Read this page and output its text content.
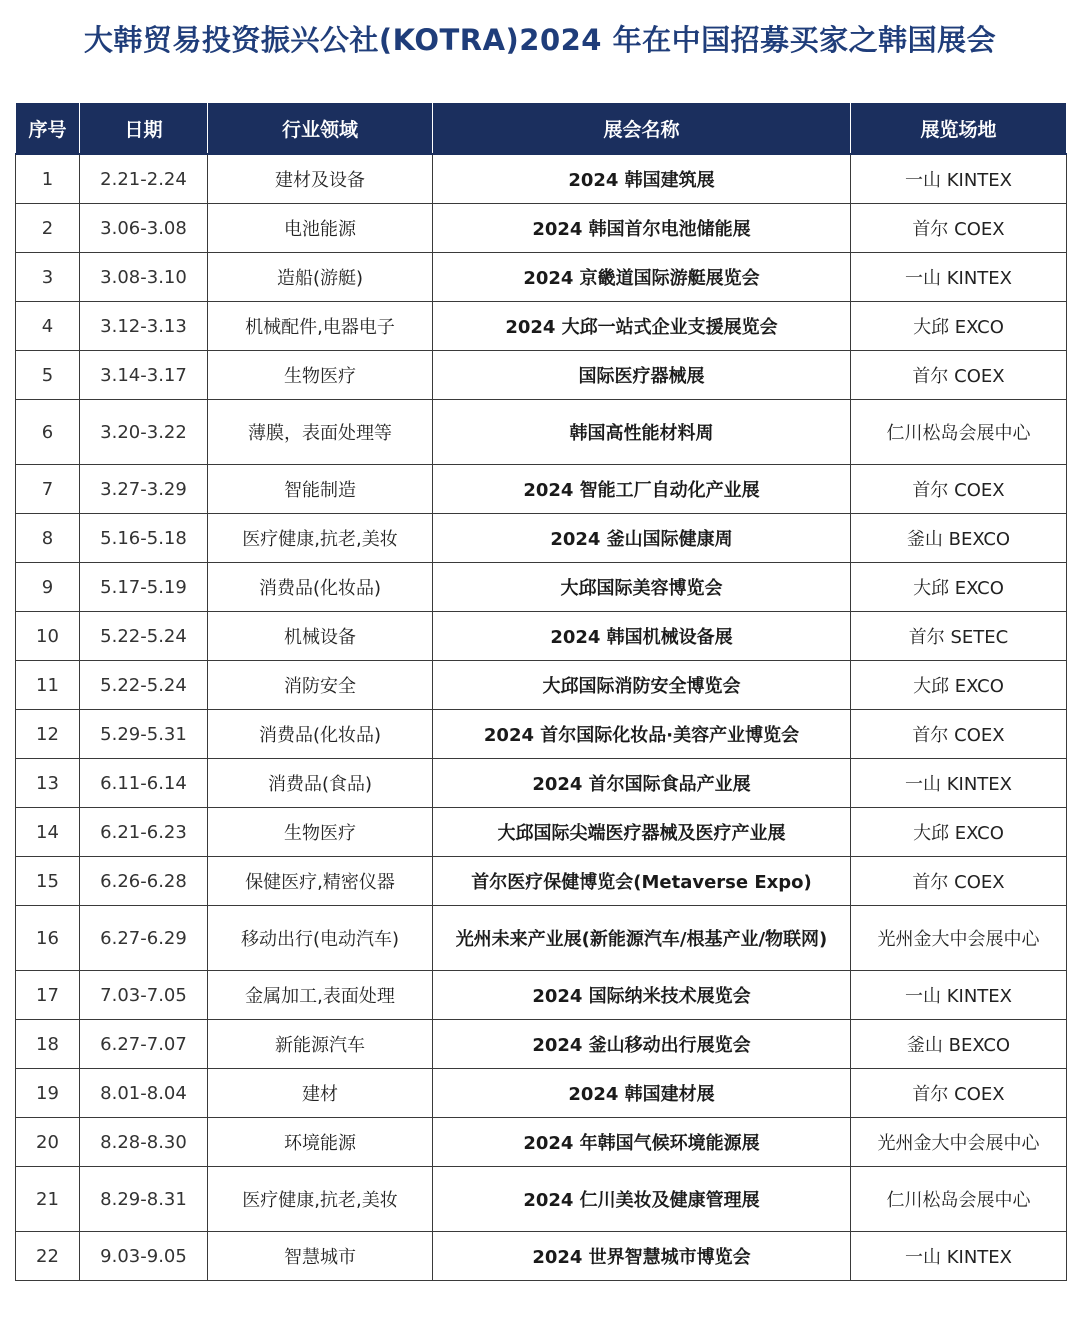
大韩贸易投资振兴公社(KOTRA)2024 年在中国招募买家之韩国展会
序号	日期	行业领域	展会名称	展览场地
1	2.21-2.24	建材及设备	2024 韩国建筑展	一山 KINTEX
2	3.06-3.08	电池能源	2024 韩国首尔电池储能展	首尔 COEX
3	3.08-3.10	造船(游艇)	2024 京畿道国际游艇展览会	一山 KINTEX
4	3.12-3.13	机械配件,电器电子	2024 大邱一站式企业支援展览会	大邱 EXCO
5	3.14-3.17	生物医疗	国际医疗器械展	首尔 COEX
6	3.20-3.22	薄膜，表面处理等	韩国高性能材料周	仁川松岛会展中心
7	3.27-3.29	智能制造	2024 智能工厂自动化产业展	首尔 COEX
8	5.16-5.18	医疗健康,抗老,美妆	2024 釜山国际健康周	釜山 BEXCO
9	5.17-5.19	消费品(化妆品)	大邱国际美容博览会	大邱 EXCO
10	5.22-5.24	机械设备	2024 韩国机械设备展	首尔 SETEC
11	5.22-5.24	消防安全	大邱国际消防安全博览会	大邱 EXCO
12	5.29-5.31	消费品(化妆品)	2024 首尔国际化妆品·美容产业博览会	首尔 COEX
13	6.11-6.14	消费品(食品)	2024 首尔国际食品产业展	一山 KINTEX
14	6.21-6.23	生物医疗	大邱国际尖端医疗器械及医疗产业展	大邱 EXCO
15	6.26-6.28	保健医疗,精密仪器	首尔医疗保健博览会(Metaverse Expo)	首尔 COEX
16	6.27-6.29	移动出行(电动汽车)	光州未来产业展(新能源汽车/根基产业/物联网)	光州金大中会展中心
17	7.03-7.05	金属加工,表面处理	2024 国际纳米技术展览会	一山 KINTEX
18	6.27-7.07	新能源汽车	2024 釜山移动出行展览会	釜山 BEXCO
19	8.01-8.04	建材	2024 韩国建材展	首尔 COEX
20	8.28-8.30	环境能源	2024 年韩国气候环境能源展	光州金大中会展中心
21	8.29-8.31	医疗健康,抗老,美妆	2024 仁川美妆及健康管理展	仁川松岛会展中心
22	9.03-9.05	智慧城市	2024 世界智慧城市博览会	一山 KINTEX
